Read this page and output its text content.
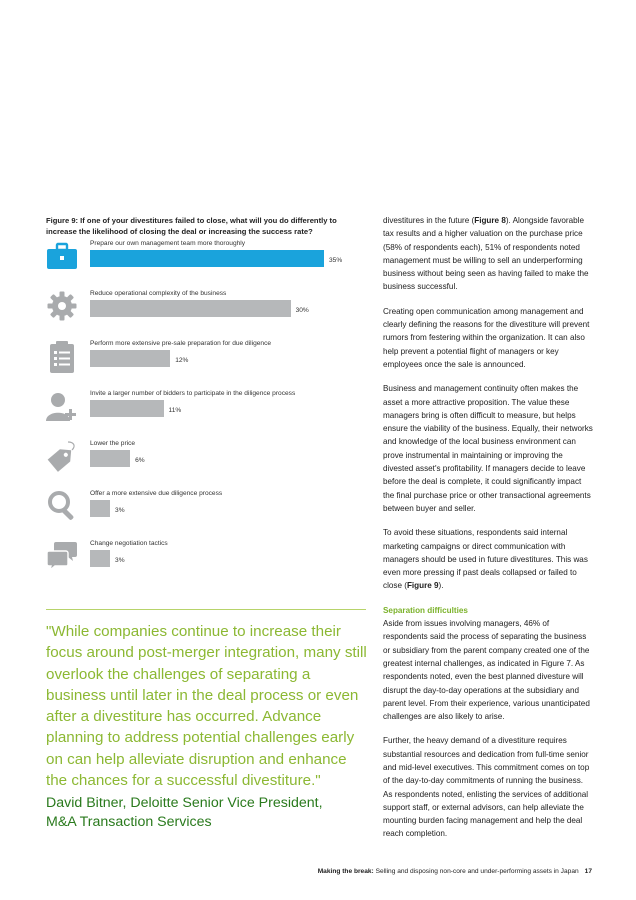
Figure 9: If one of your divestitures failed to close, what will you do differently to increase the likelihood of closing the deal or increasing the success rate?
Prepare our own management team more thoroughly
35%
Reduce operational complexity of the business
30%
Perform more extensive pre-sale preparation for due diligence
12%
Invite a larger number of bidders to participate in the diligence process
11%
Lower the price
6%
Offer a more extensive due diligence process
3%
Change negotiation tactics
3%
"While companies continue to increase their focus around post-merger integration, many still overlook the challenges of separating a business until later in the deal process or even after a divestiture has occurred. Advance planning to address potential challenges early on can help alleviate disruption and enhance the chances for a successful divestiture."
David Bitner, Deloitte Senior Vice President,
M&A Transaction Services

divestitures in the future (Figure 8). Alongside favorable tax results and a higher valuation on the purchase price (58% of respondents each), 51% of respondents noted management must be willing to sell an underperforming business without being seen as having failed to make the business successful.

Creating open communication among management and clearly defining the reasons for the divestiture will prevent rumors from festering within the organization. It can also help prevent a potential flight of managers or key employees once the sale is announced.

Business and management continuity often makes the asset a more attractive proposition. The value these managers bring is often difficult to measure, but helps ensure the viability of the business. Equally, their networks and knowledge of the local business environment can prove instrumental in maintaining or improving the divested asset's profitability. If managers decide to leave before the deal is complete, it could significantly impact the final purchase price or other transactional agreements between buyer and seller.

To avoid these situations, respondents said internal marketing campaigns or direct communication with managers should be used in future divestitures. This was even more pressing if past deals collapsed or failed to close (Figure 9).

Separation difficulties

Aside from issues involving managers, 46% of respondents said the process of separating the business or subsidiary from the parent company created one of the greatest internal challenges, as indicated in Figure 7. As respondents noted, even the best planned divesture will disrupt the day-to-day operations at the subsidiary and parent level. From their experience, various unanticipated challenges are also likely to arise.

Further, the heavy demand of a divestiture requires substantial resources and dedication from full-time senior and mid-level executives. This commitment comes on top of the day-to-day commitments of running the business. As respondents noted, enlisting the services of additional support staff, or external advisors, can help alleviate the mounting burden facing management and help the deal reach completion.

Making the break: Selling and disposing non-core and under-performing assets in Japan 17
